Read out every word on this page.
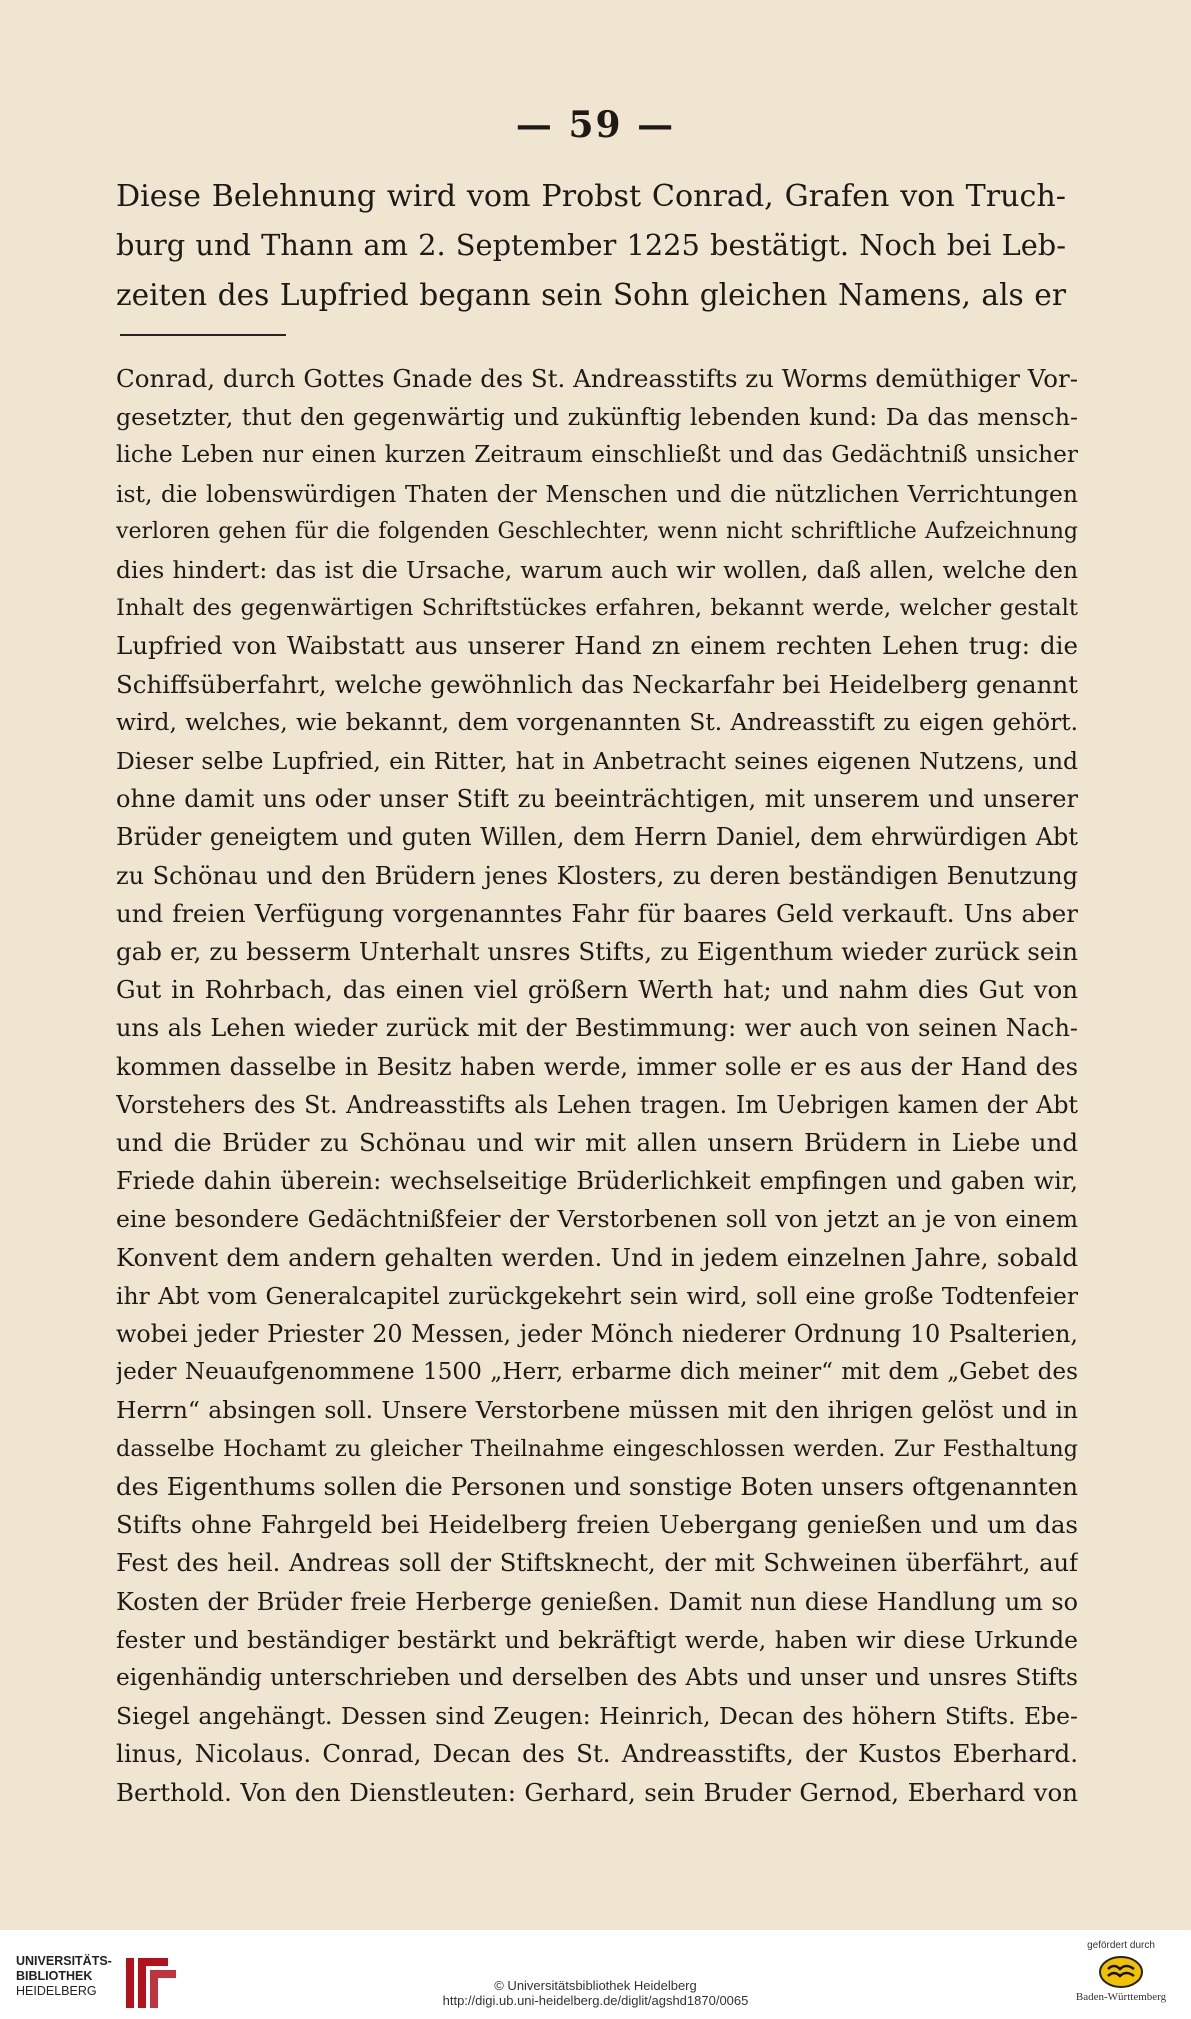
— 59 —
Diese Belehnung wird vom Probst Conrad, Grafen von Truch-
burg und Thann am 2. September 1225 bestätigt. Noch bei Leb-
zeiten des Lupfried begann sein Sohn gleichen Namens, als er
Conrad, durch Gottes Gnade des St. Andreasstifts zu Worms demüthiger Vor-
gesetzter, thut den gegenwärtig und zukünftig lebenden kund: Da das mensch-
liche Leben nur einen kurzen Zeitraum einschließt und das Gedächtniß unsicher
ist, die lobenswürdigen Thaten der Menschen und die nützlichen Verrichtungen
verloren gehen für die folgenden Geschlechter, wenn nicht schriftliche Aufzeichnung
dies hindert: das ist die Ursache, warum auch wir wollen, daß allen, welche den
Inhalt des gegenwärtigen Schriftstückes erfahren, bekannt werde, welcher gestalt
Lupfried von Waibstatt aus unserer Hand zn einem rechten Lehen trug: die
Schiffsüberfahrt, welche gewöhnlich das Neckarfahr bei Heidelberg genannt
wird, welches, wie bekannt, dem vorgenannten St. Andreasstift zu eigen gehört.
Dieser selbe Lupfried, ein Ritter, hat in Anbetracht seines eigenen Nutzens, und
ohne damit uns oder unser Stift zu beeinträchtigen, mit unserem und unserer
Brüder geneigtem und guten Willen, dem Herrn Daniel, dem ehrwürdigen Abt
zu Schönau und den Brüdern jenes Klosters, zu deren beständigen Benutzung
und freien Verfügung vorgenanntes Fahr für baares Geld verkauft. Uns aber
gab er, zu besserm Unterhalt unsres Stifts, zu Eigenthum wieder zurück sein
Gut in Rohrbach, das einen viel größern Werth hat; und nahm dies Gut von
uns als Lehen wieder zurück mit der Bestimmung: wer auch von seinen Nach-
kommen dasselbe in Besitz haben werde, immer solle er es aus der Hand des
Vorstehers des St. Andreasstifts als Lehen tragen. Im Uebrigen kamen der Abt
und die Brüder zu Schönau und wir mit allen unsern Brüdern in Liebe und
Friede dahin überein: wechselseitige Brüderlichkeit empfingen und gaben wir,
eine besondere Gedächtnißfeier der Verstorbenen soll von jetzt an je von einem
Konvent dem andern gehalten werden. Und in jedem einzelnen Jahre, sobald
ihr Abt vom Generalcapitel zurückgekehrt sein wird, soll eine große Todtenfeier
wobei jeder Priester 20 Messen, jeder Mönch niederer Ordnung 10 Psalterien,
jeder Neuaufgenommene 1500 „Herr, erbarme dich meiner“ mit dem „Gebet des
Herrn“ absingen soll. Unsere Verstorbene müssen mit den ihrigen gelöst und in
dasselbe Hochamt zu gleicher Theilnahme eingeschlossen werden. Zur Festhaltung
des Eigenthums sollen die Personen und sonstige Boten unsers oftgenannten
Stifts ohne Fahrgeld bei Heidelberg freien Uebergang genießen und um das
Fest des heil. Andreas soll der Stiftsknecht, der mit Schweinen überfährt, auf
Kosten der Brüder freie Herberge genießen. Damit nun diese Handlung um so
fester und beständiger bestärkt und bekräftigt werde, haben wir diese Urkunde
eigenhändig unterschrieben und derselben des Abts und unser und unsres Stifts
Siegel angehängt. Dessen sind Zeugen: Heinrich, Decan des höhern Stifts. Ebe-
linus, Nicolaus. Conrad, Decan des St. Andreasstifts, der Kustos Eberhard.
Berthold. Von den Dienstleuten: Gerhard, sein Bruder Gernod, Eberhard von
UNIVERSITÄTS-
BIBLIOTHEK
HEIDELBERG	© Universitätsbibliothek Heidelberg
http://digi.ub.uni-heidelberg.de/diglit/agshd1870/0065
gefördert durch
Baden-Württemberg
